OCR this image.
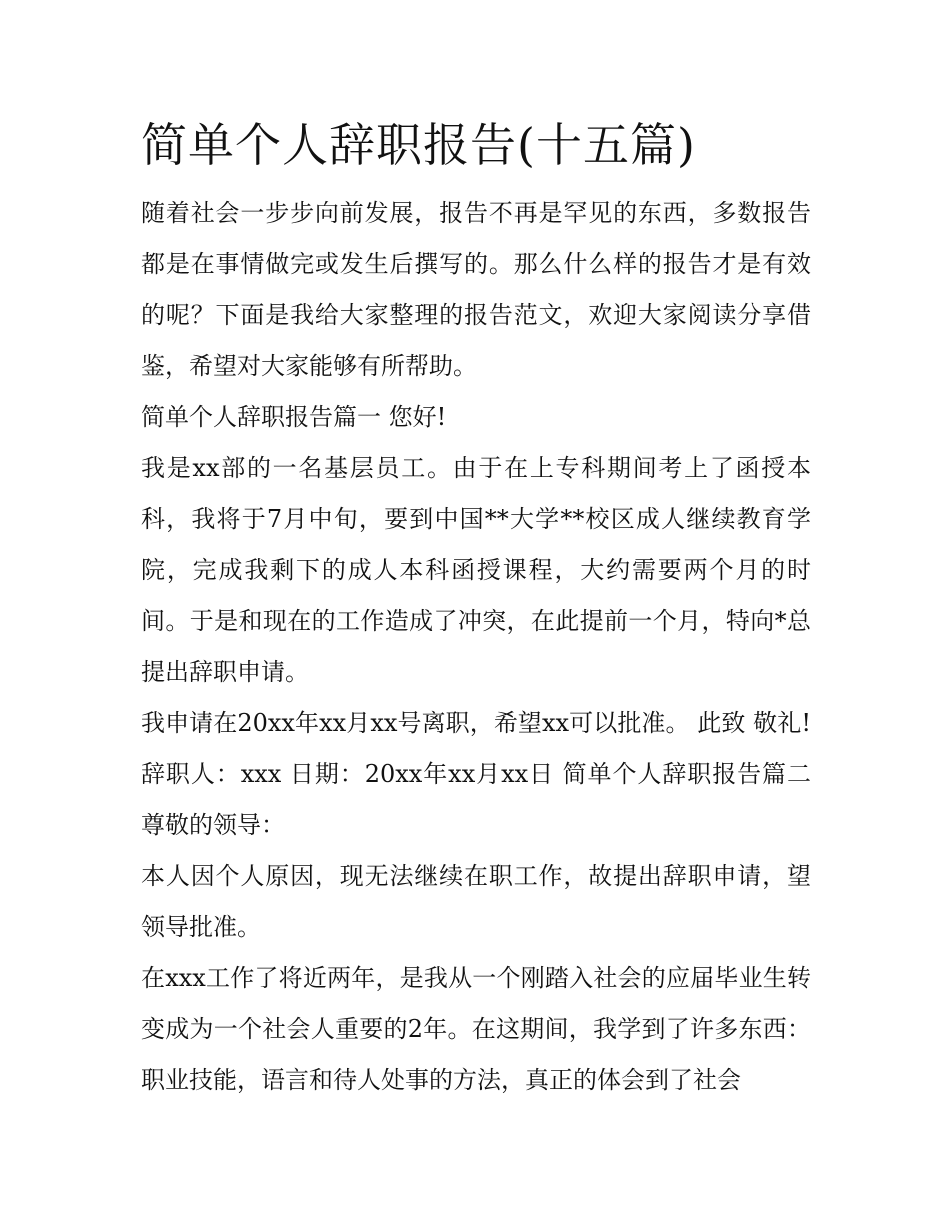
简单个人辞职报告(十五篇)

随着社会一步步向前发展，报告不再是罕见的东西，多数报告都是在事情做完或发生后撰写的。那么什么样的报告才是有效的呢？下面是我给大家整理的报告范文，欢迎大家阅读分享借鉴，希望对大家能够有所帮助。

简单个人辞职报告篇一 您好!

我是xx部的一名基层员工。由于在上专科期间考上了函授本科，我将于7月中旬，要到中国**大学**校区成人继续教育学院，完成我剩下的成人本科函授课程，大约需要两个月的时间。于是和现在的工作造成了冲突，在此提前一个月，特向*总提出辞职申请。

我申请在20xx年xx月xx号离职，希望xx可以批准。 此致 敬礼! 辞职人：xxx 日期：20xx年xx月xx日 简单个人辞职报告篇二 尊敬的领导：

本人因个人原因，现无法继续在职工作，故提出辞职申请，望领导批准。

在xxx工作了将近两年，是我从一个刚踏入社会的应届毕业生转变成为一个社会人重要的2年。在这期间，我学到了许多东西：职业技能，语言和待人处事的方法，真正的体会到了社会
